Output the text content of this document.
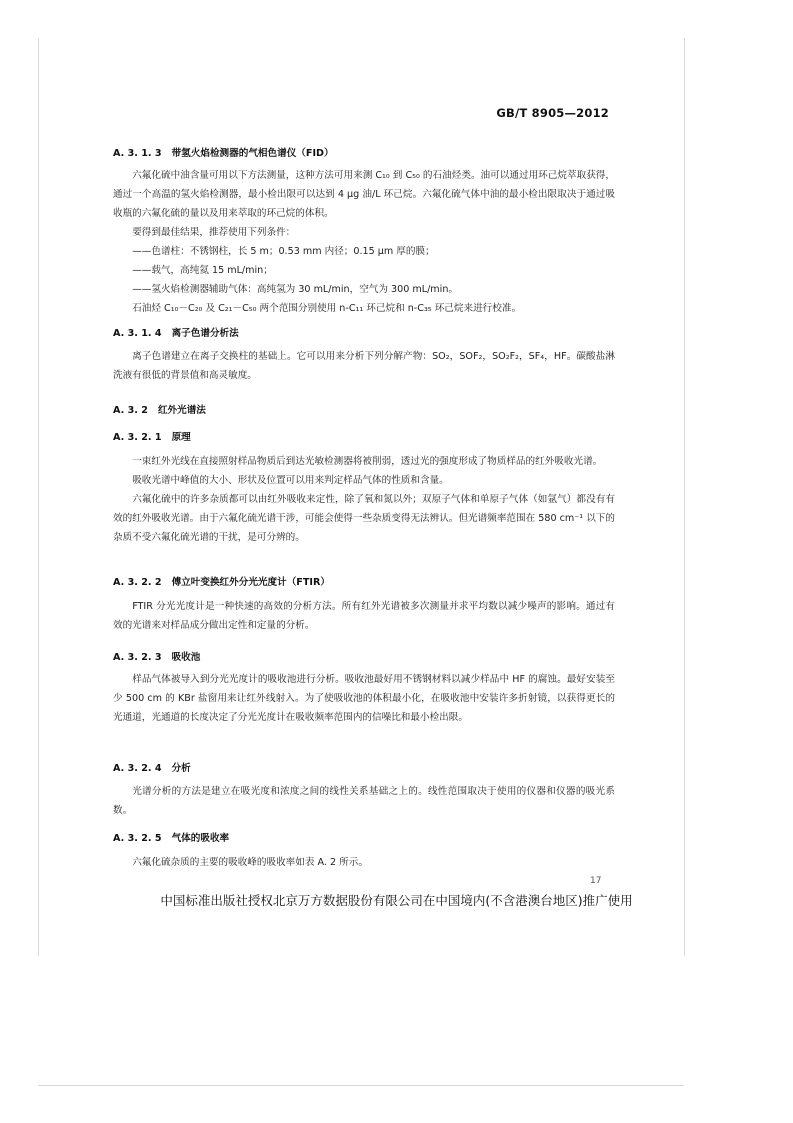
GB/T 8905—2012
A. 3. 1. 3 带氢火焰检测器的气相色谱仪（FID）
六氟化硫中油含量可用以下方法测量，这种方法可用来测 C₁₀ 到 C₅₀ 的石油烃类。油可以通过用环己烷萃取获得，通过一个高温的氢火焰检测器，最小检出限可以达到 4 μg 油/L 环己烷。六氟化硫气体中油的最小检出限取决于通过吸收瓶的六氟化硫的量以及用来萃取的环己烷的体积。
要得到最佳结果，推荐使用下列条件：
——色谱柱：不锈钢柱，长 5 m；0.53 mm 内径；0.15 μm 厚的膜；
——载气，高纯氦 15 mL/min；
——氢火焰检测器辅助气体：高纯氢为 30 mL/min，空气为 300 mL/min。
石油烃 C₁₀－C₂₀ 及 C₂₁－C₅₀ 两个范围分别使用 n-C₁₁ 环己烷和 n-C₃₅ 环己烷来进行校准。
A. 3. 1. 4 离子色谱分析法
离子色谱建立在离子交换柱的基础上。它可以用来分析下列分解产物：SO₂，SOF₂，SO₂F₂，SF₄，HF。碳酸盐淋洗液有很低的背景值和高灵敏度。
A. 3. 2 红外光谱法
A. 3. 2. 1 原理
一束红外光线在直接照射样品物质后到达光敏检测器将被削弱，透过光的强度形成了物质样品的红外吸收光谱。
吸收光谱中峰值的大小、形状及位置可以用来判定样品气体的性质和含量。
六氟化硫中的许多杂质都可以由红外吸收来定性，除了氧和氮以外；双原子气体和单原子气体（如氩气）都没有有效的红外吸收光谱。由于六氟化硫光谱干涉，可能会使得一些杂质变得无法辨认。但光谱频率范围在 580 cm⁻¹ 以下的杂质不受六氟化硫光谱的干扰，是可分辨的。
A. 3. 2. 2 傅立叶变换红外分光光度计（FTIR）
FTIR 分光光度计是一种快速的高效的分析方法。所有红外光谱被多次测量并求平均数以减少噪声的影响。通过有效的光谱来对样品成分做出定性和定量的分析。
A. 3. 2. 3 吸收池
样品气体被导入到分光光度计的吸收池进行分析。吸收池最好用不锈钢材料以减少样品中 HF 的腐蚀。最好安装至少 500 cm 的 KBr 盐窗用来让红外线射入。为了使吸收池的体积最小化，在吸收池中安装许多折射镜，以获得更长的光通道，光通道的长度决定了分光光度计在吸收频率范围内的信噪比和最小检出限。
A. 3. 2. 4 分析
光谱分析的方法是建立在吸光度和浓度之间的线性关系基础之上的。线性范围取决于使用的仪器和仪器的吸光系数。
A. 3. 2. 5 气体的吸收率
六氟化硫杂质的主要的吸收峰的吸收率如表 A. 2 所示。
17
中国标准出版社授权北京万方数据股份有限公司在中国境内(不含港澳台地区)推广使用
